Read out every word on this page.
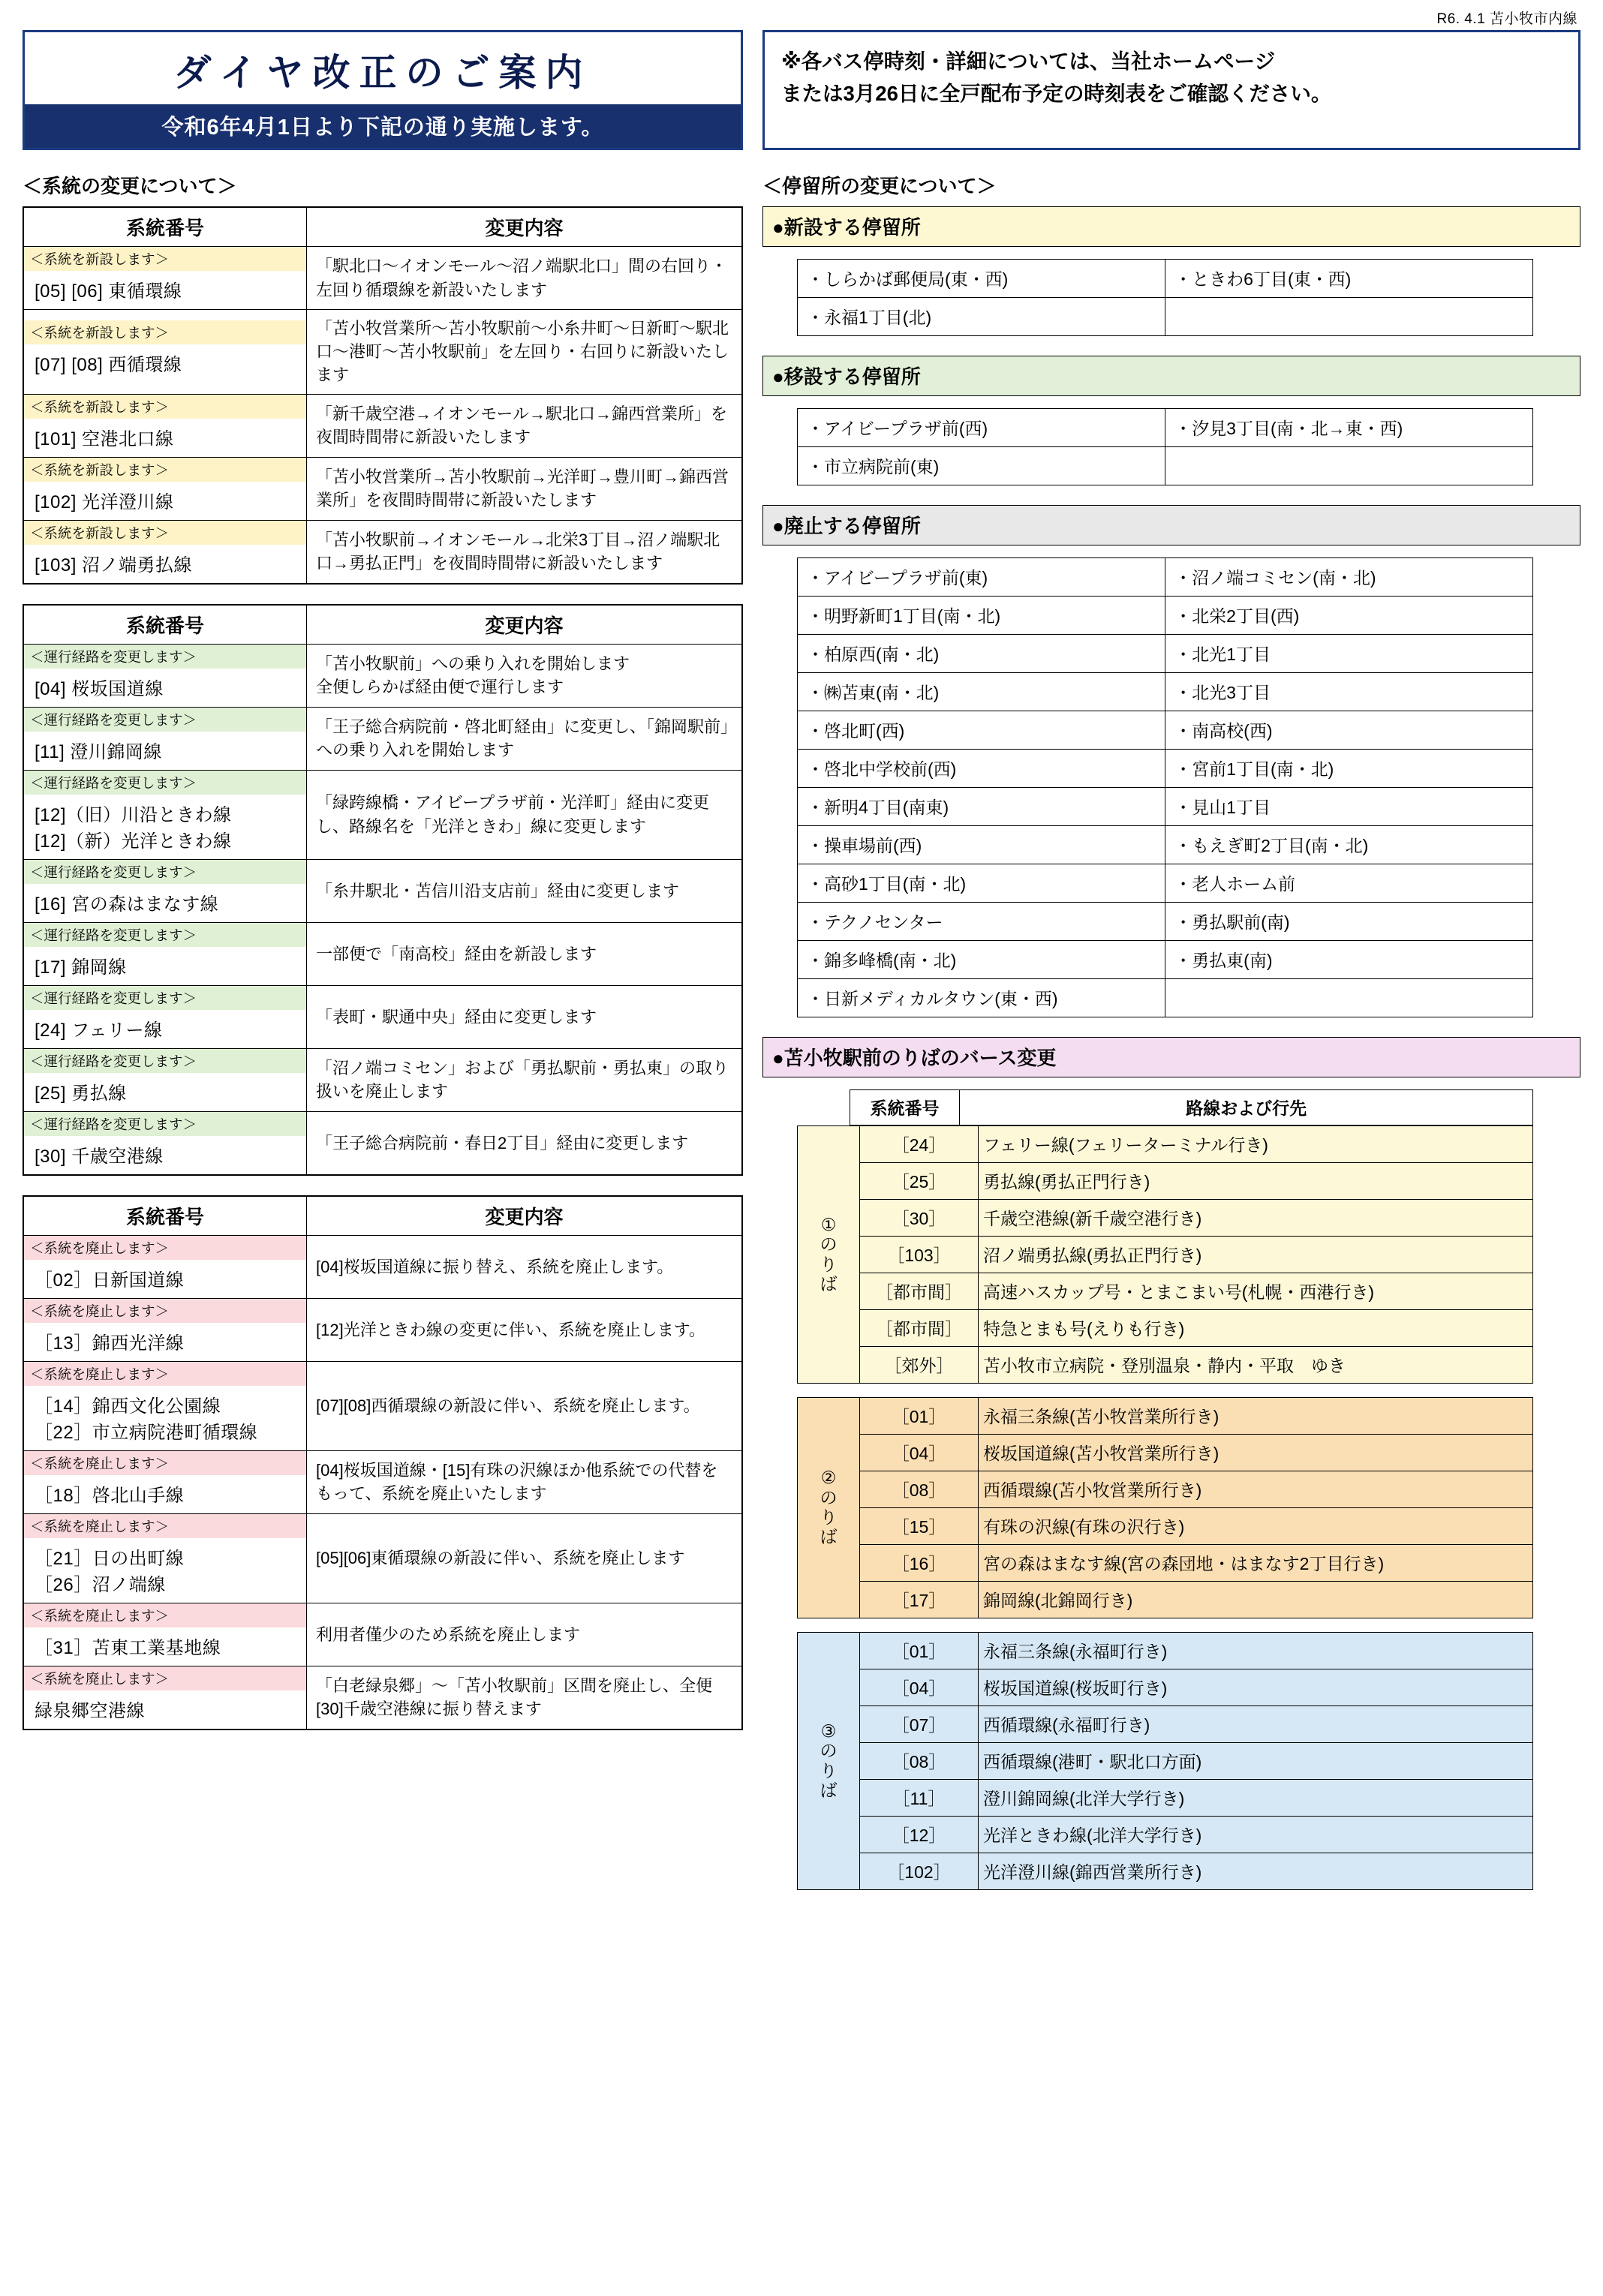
R6. 4.1 苫小牧市内線
ダイヤ改正のご案内
令和6年4月1日より下記の通り実施します。
※各バス停時刻・詳細については、当社ホームページ
または3月26日に全戸配布予定の時刻表をご確認ください。
＜系統の変更について＞
系統番号	変更内容

＜系統を新設します＞
[05] [06] 東循環線	「駅北口～イオンモール～沼ノ端駅北口」間の右回り・左回り循環線を新設いたします

＜系統を新設します＞
[07] [08] 西循環線	「苫小牧営業所～苫小牧駅前～小糸井町～日新町～駅北口～港町～苫小牧駅前」を左回り・右回りに新設いたします

＜系統を新設します＞
[101] 空港北口線	「新千歳空港→イオンモール→駅北口→錦西営業所」を夜間時間帯に新設いたします

＜系統を新設します＞
[102] 光洋澄川線	「苫小牧営業所→苫小牧駅前→光洋町→豊川町→錦西営業所」を夜間時間帯に新設いたします

＜系統を新設します＞
[103] 沼ノ端勇払線	「苫小牧駅前→イオンモール→北栄3丁目→沼ノ端駅北口→勇払正門」を夜間時間帯に新設いたします
系統番号	変更内容

＜運行経路を変更します＞
[04] 桜坂国道線	「苫小牧駅前」への乗り入れを開始します
全便しらかば経由便で運行します

＜運行経路を変更します＞
[11] 澄川錦岡線	「王子総合病院前・啓北町経由」に変更し、「錦岡駅前」への乗り入れを開始します

＜運行経路を変更します＞
[12]（旧）川沿ときわ線
[12]（新）光洋ときわ線	「緑跨線橋・アイビープラザ前・光洋町」経由に変更し、路線名を「光洋ときわ」線に変更します

＜運行経路を変更します＞
[16] 宮の森はまなす線	「糸井駅北・苫信川沿支店前」経由に変更します

＜運行経路を変更します＞
[17] 錦岡線	一部便で「南高校」経由を新設します

＜運行経路を変更します＞
[24] フェリー線	「表町・駅通中央」経由に変更します

＜運行経路を変更します＞
[25] 勇払線	「沼ノ端コミセン」および「勇払駅前・勇払東」の取り扱いを廃止します

＜運行経路を変更します＞
[30] 千歳空港線	「王子総合病院前・春日2丁目」経由に変更します
系統番号	変更内容

＜系統を廃止します＞
［02］日新国道線	[04]桜坂国道線に振り替え、系統を廃止します。

＜系統を廃止します＞
［13］錦西光洋線	[12]光洋ときわ線の変更に伴い、系統を廃止します。

＜系統を廃止します＞
［14］錦西文化公園線
［22］市立病院港町循環線	[07][08]西循環線の新設に伴い、系統を廃止します。

＜系統を廃止します＞
［18］啓北山手線	[04]桜坂国道線・[15]有珠の沢線ほか他系統での代替をもって、系統を廃止いたします

＜系統を廃止します＞
［21］日の出町線
［26］沼ノ端線	[05][06]東循環線の新設に伴い、系統を廃止します

＜系統を廃止します＞
［31］苫東工業基地線	利用者僅少のため系統を廃止します

＜系統を廃止します＞
緑泉郷空港線	「白老緑泉郷」～「苫小牧駅前」区間を廃止し、全便[30]千歳空港線に振り替えます
＜停留所の変更について＞
●新設する停留所
・しらかば郵便局(東・西)	・ときわ6丁目(東・西)
・永福1丁目(北)	
●移設する停留所
・アイビープラザ前(西)	・汐見3丁目(南・北→東・西)
・市立病院前(東)	
●廃止する停留所
・アイビープラザ前(東)	・沼ノ端コミセン(南・北)
・明野新町1丁目(南・北)	・北栄2丁目(西)
・柏原西(南・北)	・北光1丁目
・㈱苫東(南・北)	・北光3丁目
・啓北町(西)	・南高校(西)
・啓北中学校前(西)	・宮前1丁目(南・北)
・新明4丁目(南東)	・見山1丁目
・操車場前(西)	・もえぎ町2丁目(南・北)
・高砂1丁目(南・北)	・老人ホーム前
・テクノセンター	・勇払駅前(南)
・錦多峰橋(南・北)	・勇払東(南)
・日新メディカルタウン(東・西)	
●苫小牧駅前のりばのバース変更
	系統番号	路線および行先
①
の
り
ば	［24］	フェリー線(フェリーターミナル行き)
	［25］	勇払線(勇払正門行き)
	［30］	千歳空港線(新千歳空港行き)
	［103］	沼ノ端勇払線(勇払正門行き)
	［都市間］	高速ハスカップ号・とまこまい号(札幌・西港行き)
	［都市間］	特急とまも号(えりも行き)
	［郊外］	苫小牧市立病院・登別温泉・静内・平取　ゆき
②
の
り
ば	［01］	永福三条線(苫小牧営業所行き)
	［04］	桜坂国道線(苫小牧営業所行き)
	［08］	西循環線(苫小牧営業所行き)
	［15］	有珠の沢線(有珠の沢行き)
	［16］	宮の森はまなす線(宮の森団地・はまなす2丁目行き)
	［17］	錦岡線(北錦岡行き)
③
の
り
ば	［01］	永福三条線(永福町行き)
	［04］	桜坂国道線(桜坂町行き)
	［07］	西循環線(永福町行き)
	［08］	西循環線(港町・駅北口方面)
	［11］	澄川錦岡線(北洋大学行き)
	［12］	光洋ときわ線(北洋大学行き)
	［102］	光洋澄川線(錦西営業所行き)
